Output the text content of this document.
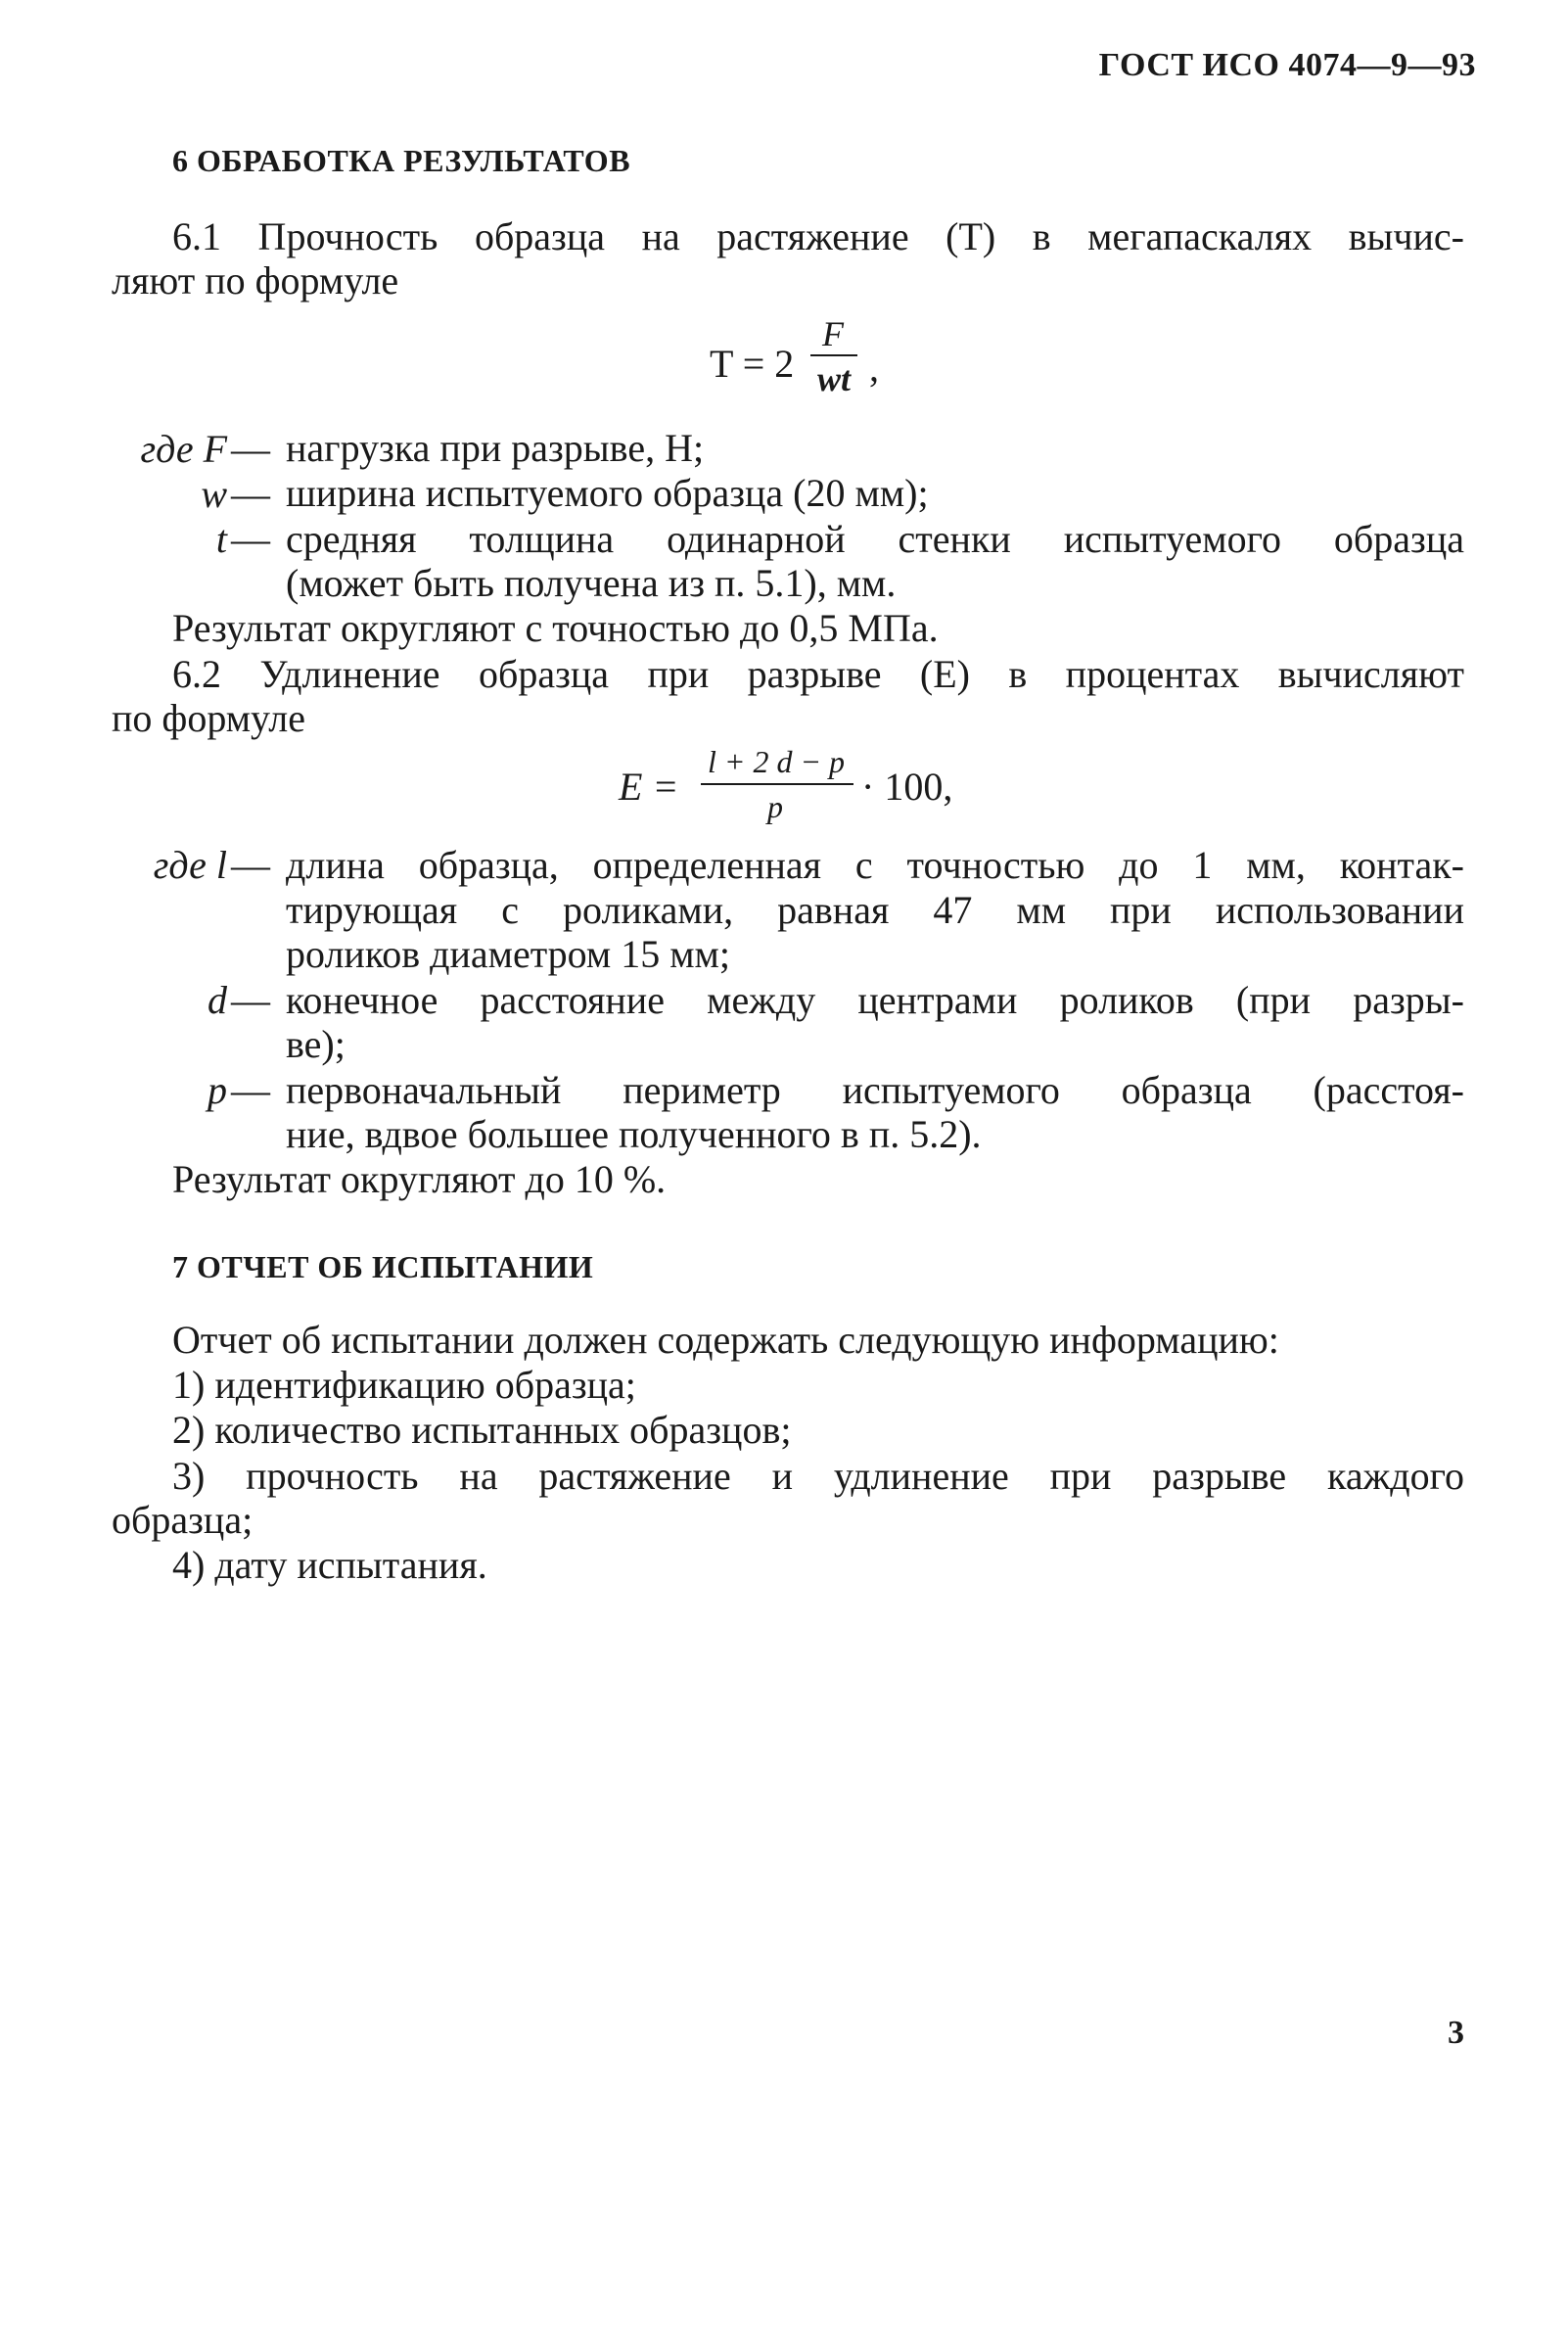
ГОСТ ИСО 4074—9—93
6 ОБРАБОТКА РЕЗУЛЬТАТОВ
6.1 Прочность образца на растяжение (T) в мегапаскалях вычис-
ляют по формуле
T = 2
F
wt ,
где F — нагрузка при разрыве, Н;
w — ширина испытуемого образца (20 мм);
t — средняя толщина одинарной стенки испытуемого образца
(может быть получена из п. 5.1), мм.
Результат округляют с точностью до 0,5 МПа.
6.2 Удлинение образца при разрыве (E) в процентах вычисляют
по формуле
E =
l + 2 d − p
p	· 100,
где l — длина образца, определенная с точностью до 1 мм, контак-
тирующая с роликами, равная 47 мм при использовании
роликов диаметром 15 мм;
d — конечное расстояние между центрами роликов (при разры-
ве);
p — первоначальный периметр испытуемого образца (расстоя-
ние, вдвое большее полученного в п. 5.2).
Результат округляют до 10 %.
7 ОТЧЕТ ОБ ИСПЫТАНИИ
Отчет об испытании должен содержать следующую информацию:
1) идентификацию образца;
2) количество испытанных образцов;
3) прочность на растяжение и удлинение при разрыве каждого
образца;
4) дату испытания.
3
